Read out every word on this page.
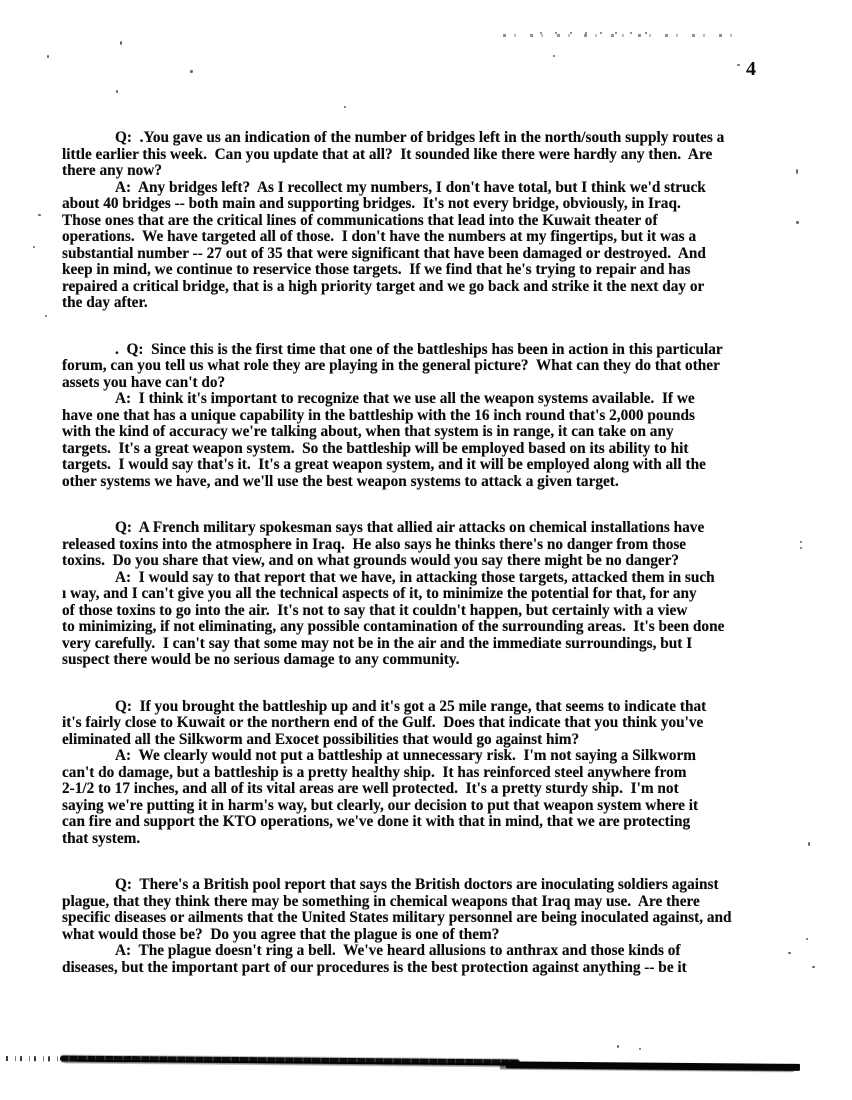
4
Q:  .You gave us an indication of the number of bridges left in the north/south supply routes a
little earlier this week.  Can you update that at all?  It sounded like there were hardly any then.  Are
there any now?
A:  Any bridges left?  As I recollect my numbers, I don't have total, but I think we'd struck
about 40 bridges -- both main and supporting bridges.  It's not every bridge, obviously, in Iraq.
Those ones that are the critical lines of communications that lead into the Kuwait theater of
operations.  We have targeted all of those.  I don't have the numbers at my fingertips, but it was a
substantial number -- 27 out of 35 that were significant that have been damaged or destroyed.  And
keep in mind, we continue to reservice those targets.  If we find that he's trying to repair and has
repaired a critical bridge, that is a high priority target and we go back and strike it the next day or
the day after.
.  Q:  Since this is the first time that one of the battleships has been in action in this particular
forum, can you tell us what role they are playing in the general picture?  What can they do that other
assets you have can't do?
A:  I think it's important to recognize that we use all the weapon systems available.  If we
have one that has a unique capability in the battleship with the 16 inch round that's 2,000 pounds
with the kind of accuracy we're talking about, when that system is in range, it can take on any
targets.  It's a great weapon system.  So the battleship will be employed based on its ability to hit
targets.  I would say that's it.  It's a great weapon system, and it will be employed along with all the
other systems we have, and we'll use the best weapon systems to attack a given target.
Q:  A French military spokesman says that allied air attacks on chemical installations have
released toxins into the atmosphere in Iraq.  He also says he thinks there's no danger from those
toxins.  Do you share that view, and on what grounds would you say there might be no danger?
A:  I would say to that report that we have, in attacking those targets, attacked them in such
ı way, and I can't give you all the technical aspects of it, to minimize the potential for that, for any
of those toxins to go into the air.  It's not to say that it couldn't happen, but certainly with a view
to minimizing, if not eliminating, any possible contamination of the surrounding areas.  It's been done
very carefully.  I can't say that some may not be in the air and the immediate surroundings, but I
suspect there would be no serious damage to any community.
Q:  If you brought the battleship up and it's got a 25 mile range, that seems to indicate that
it's fairly close to Kuwait or the northern end of the Gulf.  Does that indicate that you think you've
eliminated all the Silkworm and Exocet possibilities that would go against him?
A:  We clearly would not put a battleship at unnecessary risk.  I'm not saying a Silkworm
can't do damage, but a battleship is a pretty healthy ship.  It has reinforced steel anywhere from
2-1/2 to 17 inches, and all of its vital areas are well protected.  It's a pretty sturdy ship.  I'm not
saying we're putting it in harm's way, but clearly, our decision to put that weapon system where it
can fire and support the KTO operations, we've done it with that in mind, that we are protecting
that system.
Q:  There's a British pool report that says the British doctors are inoculating soldiers against
plague, that they think there may be something in chemical weapons that Iraq may use.  Are there
specific diseases or ailments that the United States military personnel are being inoculated against, and
what would those be?  Do you agree that the plague is one of them?
A:  The plague doesn't ring a bell.  We've heard allusions to anthrax and those kinds of
diseases, but the important part of our procedures is the best protection against anything -- be it
